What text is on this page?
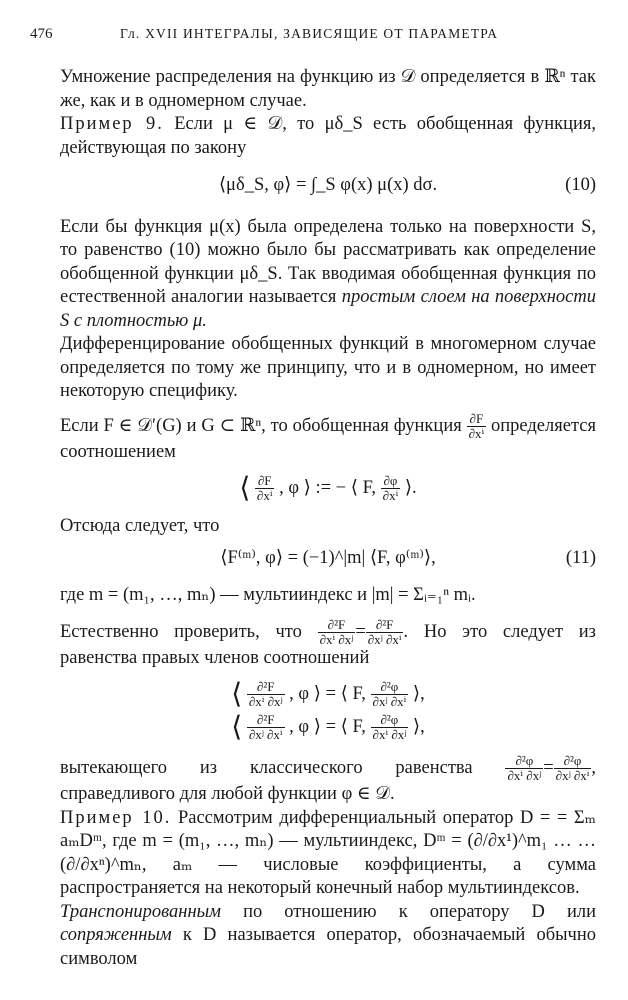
476	Гл. XVII ИНТЕГРАЛЫ, ЗАВИСЯЩИЕ ОТ ПАРАМЕТРА

Умножение распределения на функцию из 𝒟 определяется в ℝⁿ так же, как и в одномерном случае.

Пример 9. Если μ ∈ 𝒟, то μδ_S есть обобщенная функция, действующая по закону

⟨μδ_S, φ⟩ = ∫_S φ(x) μ(x) dσ.	(10)

Если бы функция μ(x) была определена только на поверхности S, то равенство (10) можно было бы рассматривать как определение обобщенной функции μδ_S. Так вводимая обобщенная функция по естественной аналогии называется простым слоем на поверхности S с плотностью μ.

Дифференцирование обобщенных функций в многомерном случае определяется по тому же принципу, что и в одномерном, но имеет некоторую специфику.

Если F ∈ 𝒟′(G) и G ⊂ ℝⁿ, то обобщенная функция $\frac{\partial F}{\text{∂xⁱ}}$ определяется соотношением

⟨ $\frac{\partial F}{\text{∂xⁱ}}$ , φ ⟩ := − ⟨ F, $\frac{\partial\varphi}{\text{∂xⁱ}}$ ⟩.

Отсюда следует, что

⟨F⁽ᵐ⁾, φ⟩ = (−1)^|m| ⟨F, φ⁽ᵐ⁾⟩,	(11)

где m = (m₁, …, mₙ) — мультииндекс и |m| = Σᵢ₌₁ⁿ mᵢ.

Естественно проверить, что $\frac{\text{∂²F}}{\text{∂xⁱ ∂xʲ}} = \frac{\text{∂²F}}{\text{∂xʲ ∂xⁱ}}$ . Но это следует из равенства правых членов соотношений

⟨ $\frac{\text{∂²F}}{\text{∂xⁱ ∂xʲ}}$ , φ ⟩ = ⟨ F, $\frac{\text{∂²φ}}{\text{∂xʲ ∂xⁱ}}$ ⟩,
⟨ $\frac{\text{∂²F}}{\text{∂xʲ ∂xⁱ}}$ , φ ⟩ = ⟨ F, $\frac{\text{∂²φ}}{\text{∂xⁱ ∂xʲ}}$ ⟩,

вытекающего из классического равенства	$\frac{\text{∂²φ}}{\text{∂xⁱ ∂xʲ}} = \frac{\text{∂²φ}}{\text{∂xʲ ∂xⁱ}}$ , справедливого для любой функции φ ∈ 𝒟.

Пример 10. Рассмотрим дифференциальный оператор D = = Σₘ aₘDᵐ, где m = (m₁, …, mₙ) — мультииндекс, Dᵐ = (∂/∂x¹)^m₁ … … (∂/∂xⁿ)^mₙ, aₘ — числовые коэффициенты, а сумма распространяется на некоторый конечный набор мультииндексов.

Транспонированным по отношению к оператору D или сопряженным к D называется оператор, обозначаемый обычно символом
